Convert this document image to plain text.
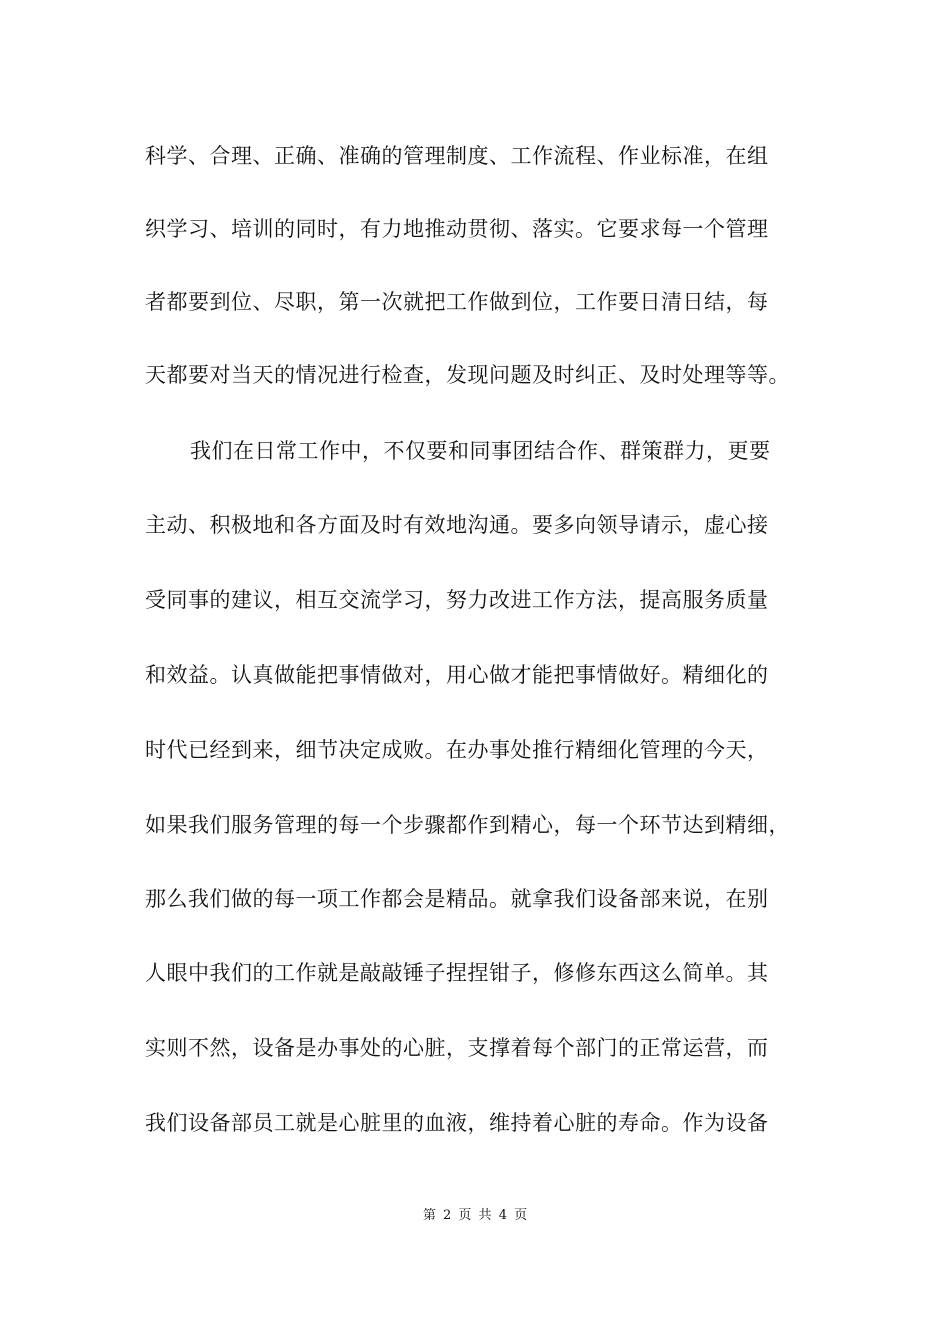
科学、合理、正确、准确的管理制度、工作流程、作业标准，在组
织学习、培训的同时，有力地推动贯彻、落实。它要求每一个管理
者都要到位、尽职，第一次就把工作做到位，工作要日清日结，每
天都要对当天的情况进行检查，发现问题及时纠正、及时处理等等。
我们在日常工作中，不仅要和同事团结合作、群策群力，更要
主动、积极地和各方面及时有效地沟通。要多向领导请示，虚心接
受同事的建议，相互交流学习，努力改进工作方法，提高服务质量
和效益。认真做能把事情做对，用心做才能把事情做好。精细化的
时代已经到来，细节决定成败。在办事处推行精细化管理的今天，
如果我们服务管理的每一个步骤都作到精心，每一个环节达到精细，
那么我们做的每一项工作都会是精品。就拿我们设备部来说，在别
人眼中我们的工作就是敲敲锤子捏捏钳子，修修东西这么简单。其
实则不然，设备是办事处的心脏，支撑着每个部门的正常运营，而
我们设备部员工就是心脏里的血液，维持着心脏的寿命。作为设备
第 2 页 共 4 页
